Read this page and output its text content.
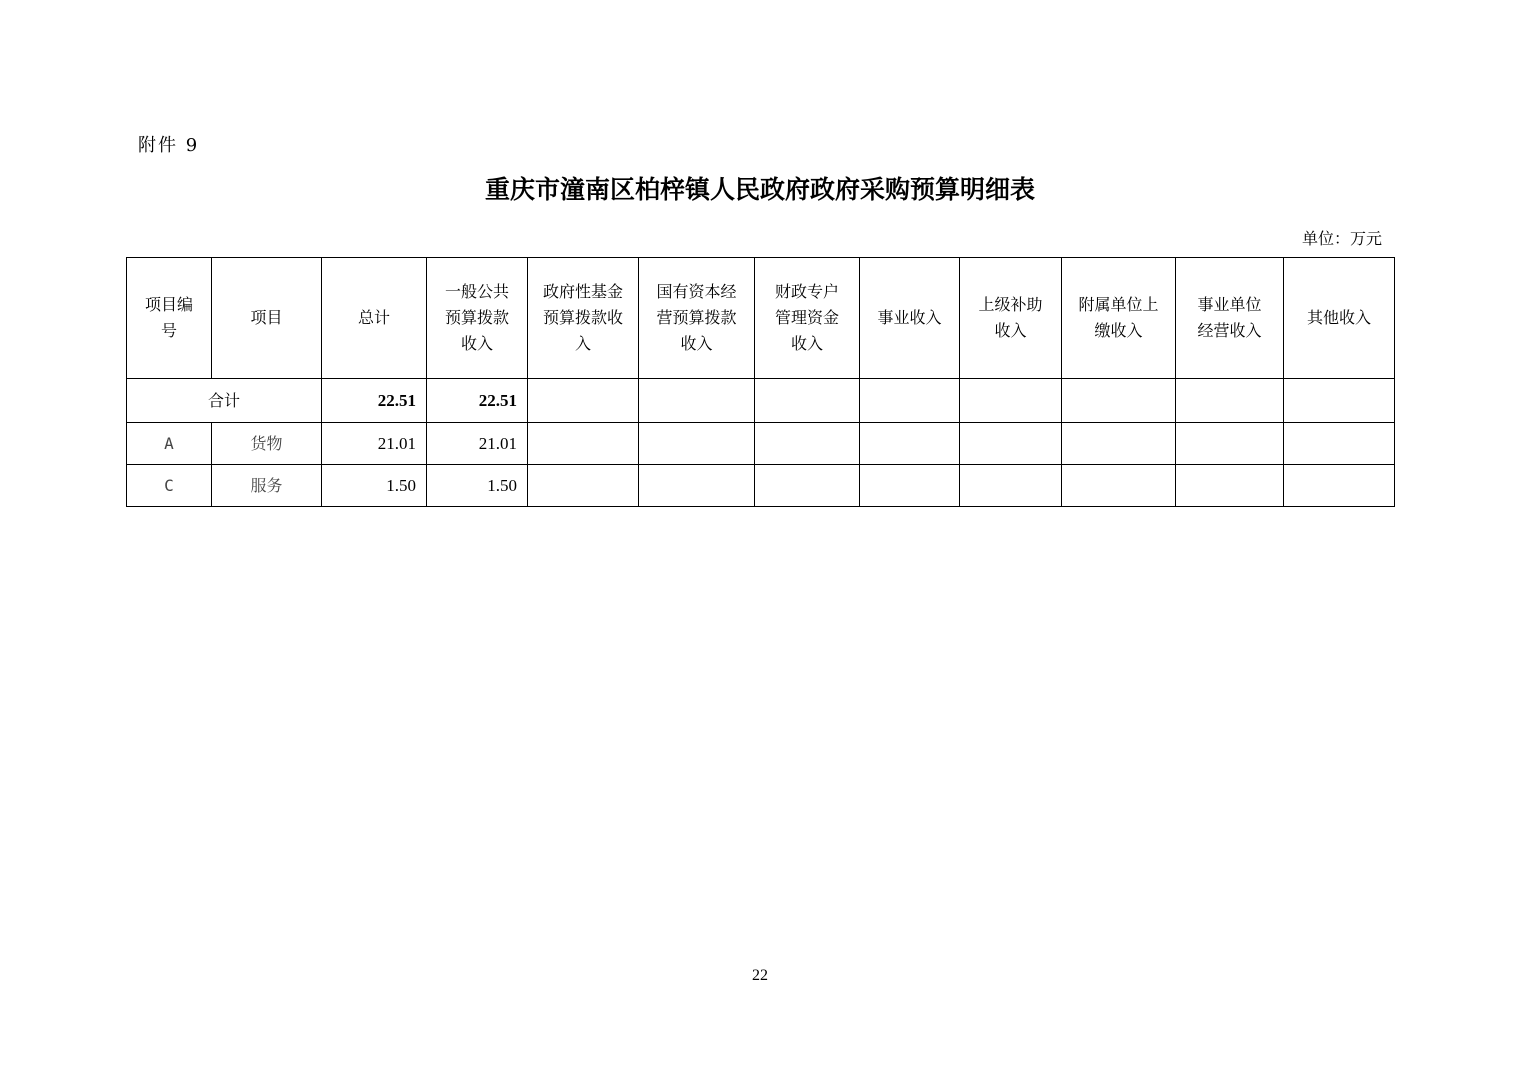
附件 9
重庆市潼南区柏梓镇人民政府政府采购预算明细表
单位：万元
项目编号	项目	总计	一般公共预算拨款收入	政府性基金预算拨款收入	国有资本经营预算拨款收入	财政专户管理资金收入	事业收入	上级补助收入	附属单位上缴收入	事业单位经营收入	其他收入
合计		22.51	22.51								
A	货物	21.01	21.01								
C	服务	1.50	1.50								
22
